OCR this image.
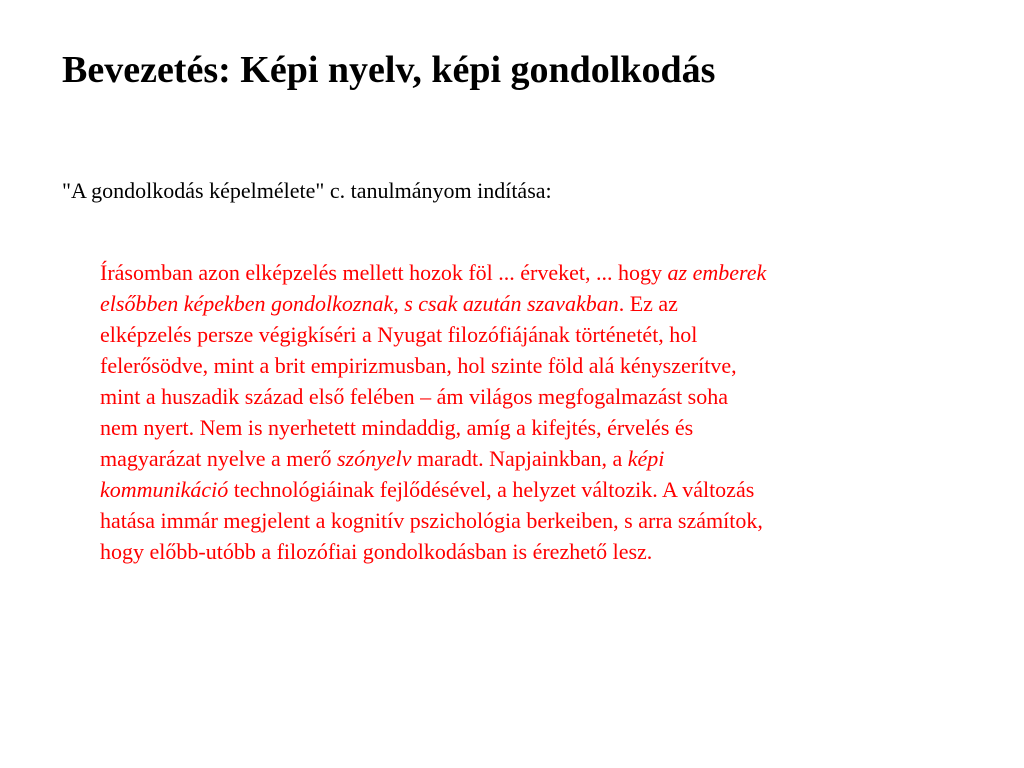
Bevezetés: Képi nyelv, képi gondolkodás

"A gondolkodás képelmélete" c. tanulmányom indítása:

Írásomban azon elképzelés mellett hozok föl ... érveket, ... hogy az emberek
elsőbben képekben gondolkoznak, s csak azután szavakban. Ez az
elképzelés persze végigkíséri a Nyugat filozófiájának történetét, hol
felerősödve, mint a brit empirizmusban, hol szinte föld alá kényszerítve,
mint a huszadik század első felében – ám világos megfogalmazást soha
nem nyert. Nem is nyerhetett mindaddig, amíg a kifejtés, érvelés és
magyarázat nyelve a merő szónyelv maradt. Napjainkban, a képi
kommunikáció technológiáinak fejlődésével, a helyzet változik. A változás
hatása immár megjelent a kognitív pszichológia berkeiben, s arra számítok,
hogy előbb-utóbb a filozófiai gondolkodásban is érezhető lesz.
